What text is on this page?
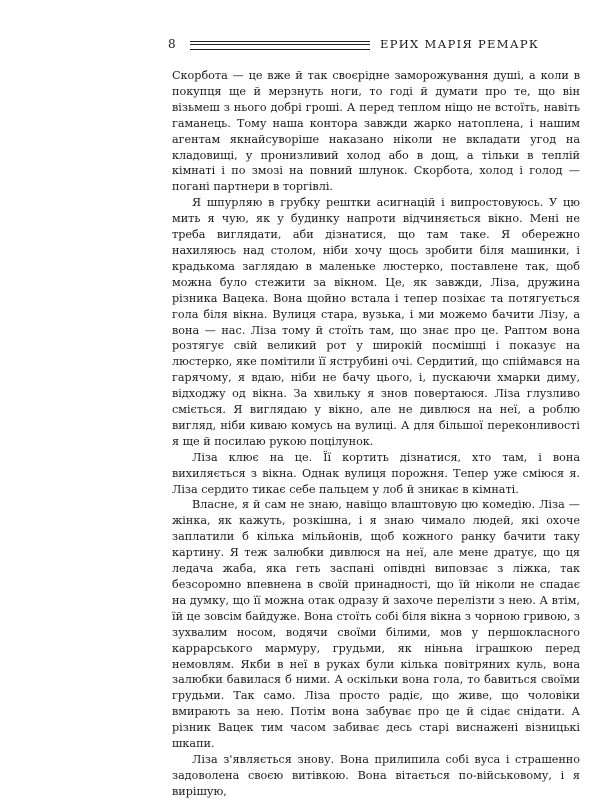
8	ЕРИХ МАРІЯ РЕМАРК

Скорбота — це вже й так своєрідне заморожування душі, а коли в покупця ще й мерзнуть ноги, то годі й думати про те, що він візьмеш з нього добрі гроші. А перед теплом ніщо не встоїть, навіть гаманець. Тому наша контора завжди жарко натоплена, і нашим агентам якнайсуворіше наказано ніколи не вкладати угод на кладовищі, у пронизливий холод або в дощ, а тільки в теплій кімнаті і по змозі на повний шлунок. Скорбота, холод і голод — погані партнери в торгівлі.

Я шпурляю в грубку рештки асигнацій і випростовуюсь. У цю мить я чую, як у будинку напроти відчиняється вікно. Мені не треба виглядати, аби дізнатися, що там таке. Я обережно нахиляюсь над столом, ніби хочу щось зробити біля машинки, і крадькома заглядаю в маленьке люстерко, поставлене так, щоб можна було стежити за вікном. Це, як завжди, Ліза, дружина різника Вацека. Вона щойно встала і тепер позіхає та потягується гола біля вікна. Вулиця стара, вузька, і ми можемо бачити Лізу, а вона — нас. Ліза тому й стоїть там, що знає про це. Раптом вона розтягує свій великий рот у широкій посмішці і показує на люстерко, яке помітили її яструбині очі. Сердитий, що спіймався на гарячому, я вдаю, ніби не бачу цього, і, пускаючи хмарки диму, відходжу од вікна. За хвильку я знов повертаюся. Ліза глузливо сміється. Я виглядаю у вікно, але не дивлюся на неї, а роблю вигляд, ніби киваю комусь на вулиці. А для більшої переконливості я ще й посилаю рукою поцілунок.

Ліза клює на це. Її кортить дізнатися, хто там, і вона вихиляється з вікна. Однак вулиця порожня. Тепер уже сміюся я. Ліза сердито тикає себе пальцем у лоб й зникає в кімнаті.

Власне, я й сам не знаю, навіщо влаштовую цю комедію. Ліза — жінка, як кажуть, розкішна, і я знаю чимало людей, які охоче заплатили б кілька мільйонів, щоб кожного ранку бачити таку картину. Я теж залюбки дивлюся на неї, але мене дратує, що ця ледача жаба, яка геть заспані опівдні виповзає з ліжка, так безсоромно впевнена в своїй принадності, що їй ніколи не спадає на думку, що її можна отак одразу й захоче перелізти з нею. А втім, їй це зовсім байдуже. Вона стоїть собі біля вікна з чорною гривою, з зухвалим носом, водячи своїми білими, мов у першокласного каррарського мармуру, грудьми, як ніньна іграшкою перед немовлям. Якби в неї в руках були кілька повітряних куль, вона залюбки бавилася б ними. А оскільки вона гола, то бавиться своїми грудьми. Так само. Ліза просто радіє, що живе, що чоловіки вмирають за нею. Потім вона забуває про це й сідає снідати. А різник Вацек тим часом забиває десь старі виснажені візницькі шкапи.

Ліза з'являється знову. Вона прилипила собі вуса і страшенно задоволена своєю витівкою. Вона вітається по-військовому, і я вирішую,
